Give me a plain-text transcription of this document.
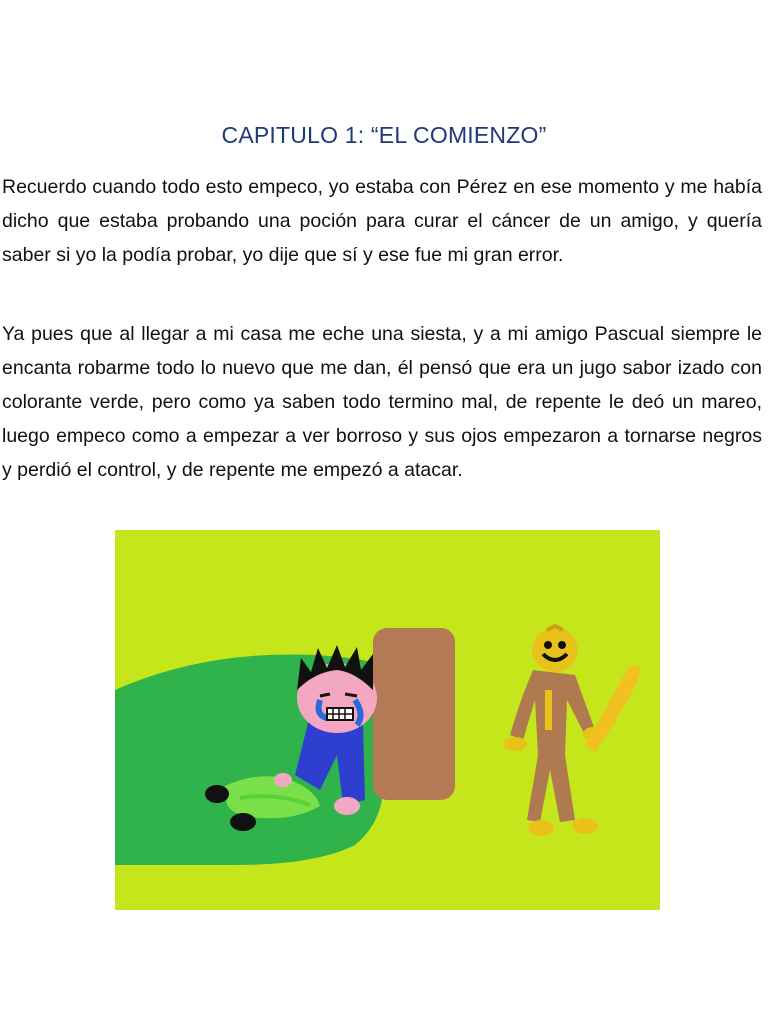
CAPITULO 1: “EL COMIENZO”

Recuerdo cuando todo esto empeco, yo estaba con Pérez en ese momento y me había dicho que estaba probando una poción para curar el cáncer de un amigo, y quería saber si yo la podía probar, yo dije que sí y ese fue mi gran error.

Ya pues que al llegar a mi casa me eche una siesta, y a mi amigo Pascual siempre le encanta robarme todo lo nuevo que me dan, él pensó que era un jugo sabor izado con colorante verde, pero como ya saben todo termino mal, de repente le deó un mareo, luego empeco como a empezar a ver borroso y sus ojos empezaron a tornarse negros y perdió el control, y de repente me empezó a atacar.
